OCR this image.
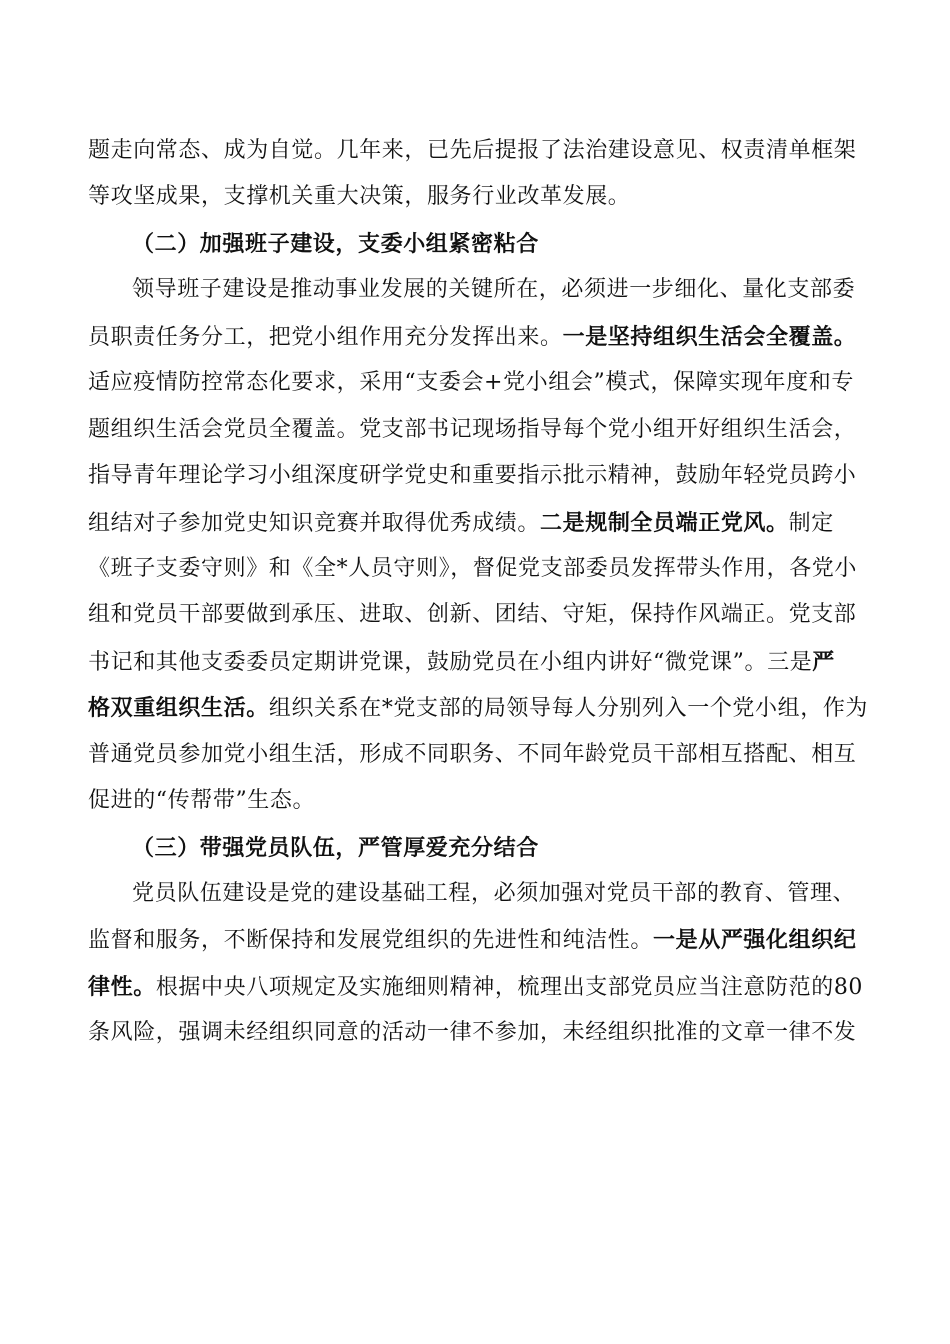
题走向常态、成为自觉。几年来，已先后提报了法治建设意见、权责清单框架
等攻坚成果，支撑机关重大决策，服务行业改革发展。
（二）加强班子建设，支委小组紧密粘合
领导班子建设是推动事业发展的关键所在，必须进一步细化、量化支部委
员职责任务分工，把党小组作用充分发挥出来。一是坚持组织生活会全覆盖。
适应疫情防控常态化要求，采用“支委会+党小组会”模式，保障实现年度和专
题组织生活会党员全覆盖。党支部书记现场指导每个党小组开好组织生活会，
指导青年理论学习小组深度研学党史和重要指示批示精神，鼓励年轻党员跨小
组结对子参加党史知识竞赛并取得优秀成绩。二是规制全员端正党风。制定
《班子支委守则》和《全*人员守则》，督促党支部委员发挥带头作用，各党小
组和党员干部要做到承压、进取、创新、团结、守矩，保持作风端正。党支部
书记和其他支委委员定期讲党课，鼓励党员在小组内讲好“微党课”。三是严
格双重组织生活。组织关系在*党支部的局领导每人分别列入一个党小组，作为
普通党员参加党小组生活，形成不同职务、不同年龄党员干部相互搭配、相互
促进的“传帮带”生态。
（三）带强党员队伍，严管厚爱充分结合
党员队伍建设是党的建设基础工程，必须加强对党员干部的教育、管理、
监督和服务，不断保持和发展党组织的先进性和纯洁性。一是从严强化组织纪
律性。根据中央八项规定及实施细则精神，梳理出支部党员应当注意防范的80
条风险，强调未经组织同意的活动一律不参加，未经组织批准的文章一律不发
